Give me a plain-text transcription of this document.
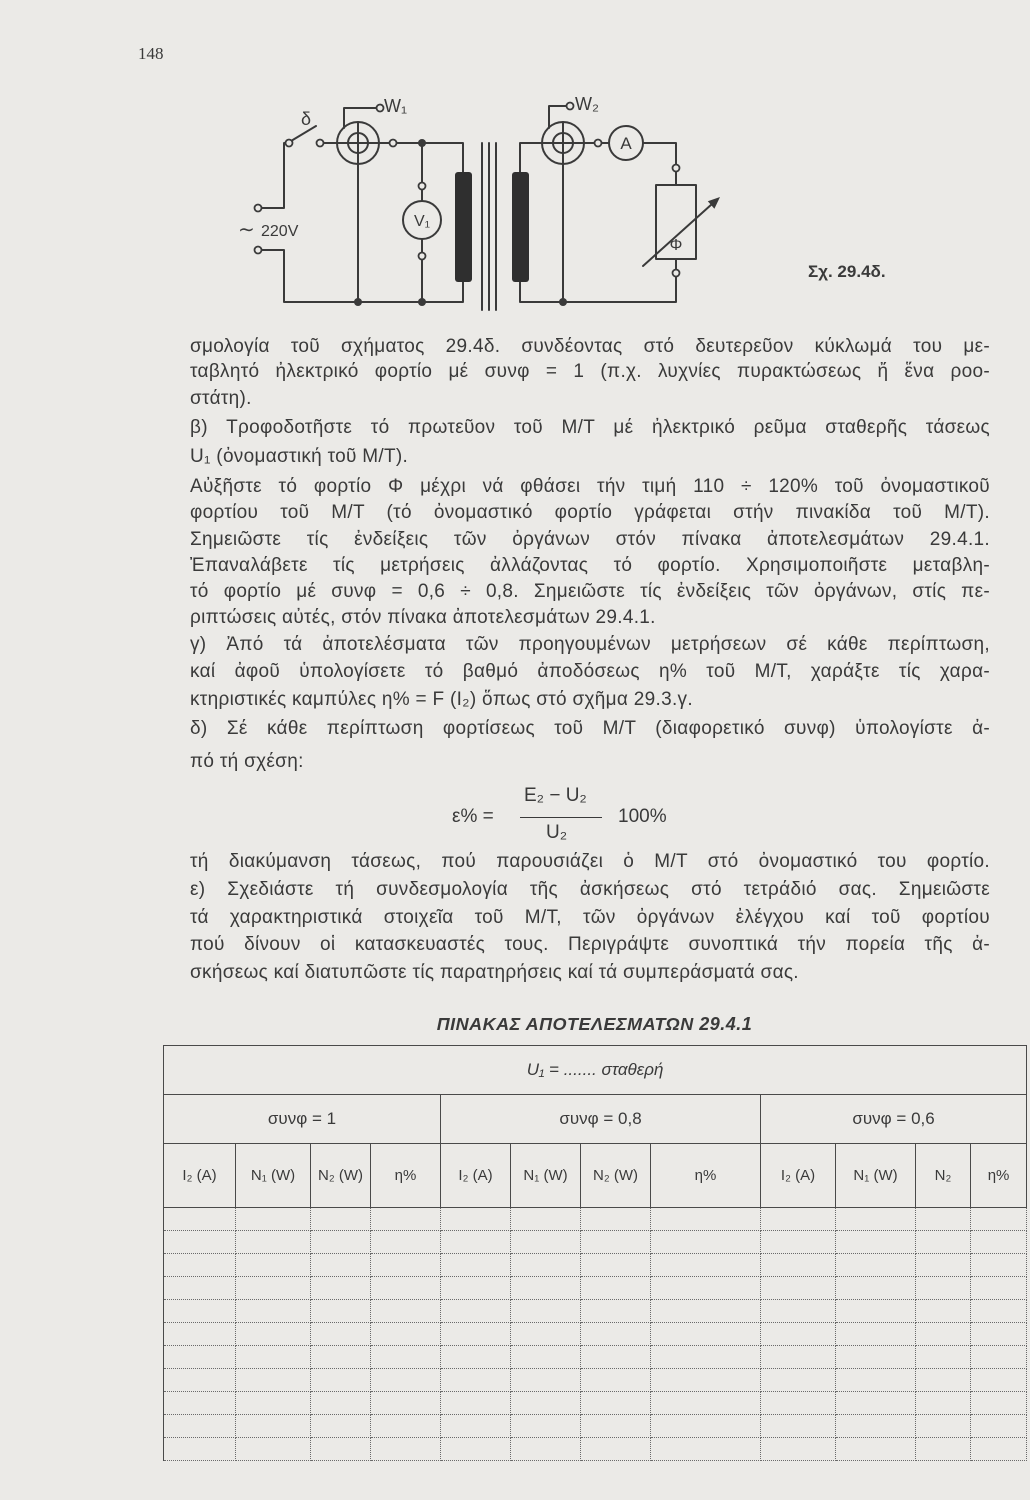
148
δ
W₁	W₂
A
V₁
∼ 220V
Φ
Σχ. 29.4δ.
σμολογία τοῦ σχήματος 29.4δ. συνδέοντας στό δευτερεῦον κύκλωμά του με-
ταβλητό ἠλεκτρικό φορτίο μέ συνφ = 1 (π.χ. λυχνίες πυρακτώσεως ἤ ἕνα ροο-
στάτη).
β) Τροφοδοτῆστε τό πρωτεῦον τοῦ Μ/Τ μέ ἠλεκτρικό ρεῦμα σταθερῆς τάσεως
U₁ (ὀνομαστική τοῦ Μ/Τ).
Αὐξῆστε τό φορτίο Φ μέχρι νά φθάσει τήν τιμή 110 ÷ 120% τοῦ ὀνομαστικοῦ
φορτίου τοῦ Μ/Τ (τό ὀνομαστικό φορτίο γράφεται στήν πινακίδα τοῦ Μ/Τ).
Σημειῶστε τίς ἐνδείξεις τῶν ὀργάνων στόν πίνακα ἀποτελεσμάτων 29.4.1.
Ἐπαναλάβετε τίς μετρήσεις ἀλλάζοντας τό φορτίο. Χρησιμοποιῆστε μεταβλη-
τό φορτίο μέ συνφ = 0,6 ÷ 0,8. Σημειῶστε τίς ἐνδείξεις τῶν ὀργάνων, στίς πε-
ριπτώσεις αὐτές, στόν πίνακα ἀποτελεσμάτων 29.4.1.
γ) Ἀπό τά ἀποτελέσματα τῶν προηγουμένων μετρήσεων σέ κάθε περίπτωση,
καί ἀφοῦ ὑπολογίσετε τό βαθμό ἀποδόσεως η% τοῦ Μ/Τ, χαράξτε τίς χαρα-
κτηριστικές καμπύλες η% = F (I₂) ὅπως στό σχῆμα 29.3.γ.
δ) Σέ κάθε περίπτωση φορτίσεως τοῦ Μ/Τ (διαφορετικό συνφ) ὑπολογίστε ἀ-
πό τή σχέση:
ε% =
E₂ − U₂
U₂
100%
τή διακύμανση τάσεως, πού παρουσιάζει ὁ Μ/Τ στό ὀνομαστικό του φορτίο.
ε) Σχεδιάστε τή συνδεσμολογία τῆς ἀσκήσεως στό τετράδιό σας. Σημειῶστε
τά χαρακτηριστικά στοιχεῖα τοῦ Μ/Τ, τῶν ὀργάνων ἐλέγχου καί τοῦ φορτίου
πού δίνουν οἱ κατασκευαστές τους. Περιγράψτε συνοπτικά τήν πορεία τῆς ἀ-
σκήσεως καί διατυπῶστε τίς παρατηρήσεις καί τά συμπεράσματά σας.
ΠΙΝΑΚΑΣ ΑΠΟΤΕΛΕΣΜΑΤΩΝ 29.4.1
U₁ = ....... σταθερή											
συνφ = 1				συνφ = 0,8				συνφ = 0,6			
I₂ (A)	N₁ (W)	N₂ (W)	η%	I₂ (A)	N₁ (W)	N₂ (W)	η%	I₂ (A)	N₁ (W)	N₂	η%
